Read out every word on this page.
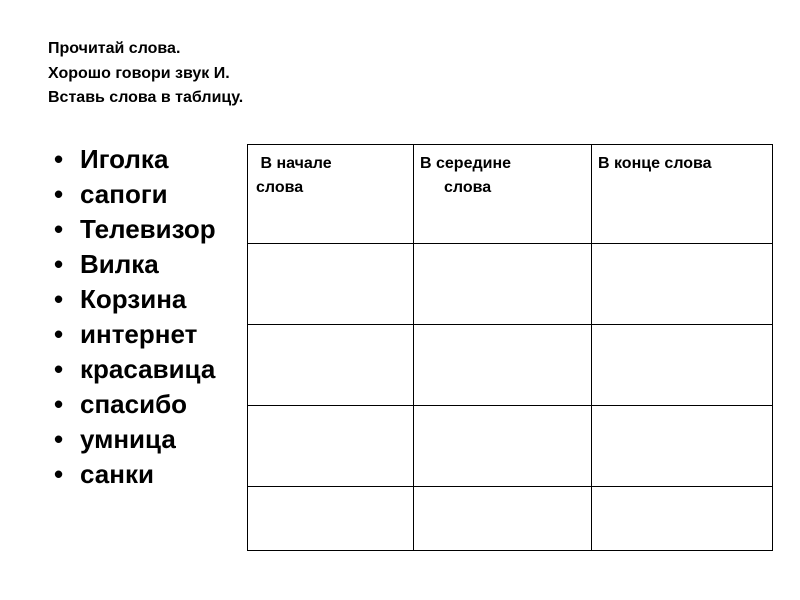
Прочитай слова.
Хорошо говори звук И.
Вставь слова в таблицу.
• Иголка
• сапоги
• Телевизор
• Вилка
• Корзина
• интернет
• красавица
• спасибо
• умница
• санки
В начале
слова	В середине
слова	В конце слова
